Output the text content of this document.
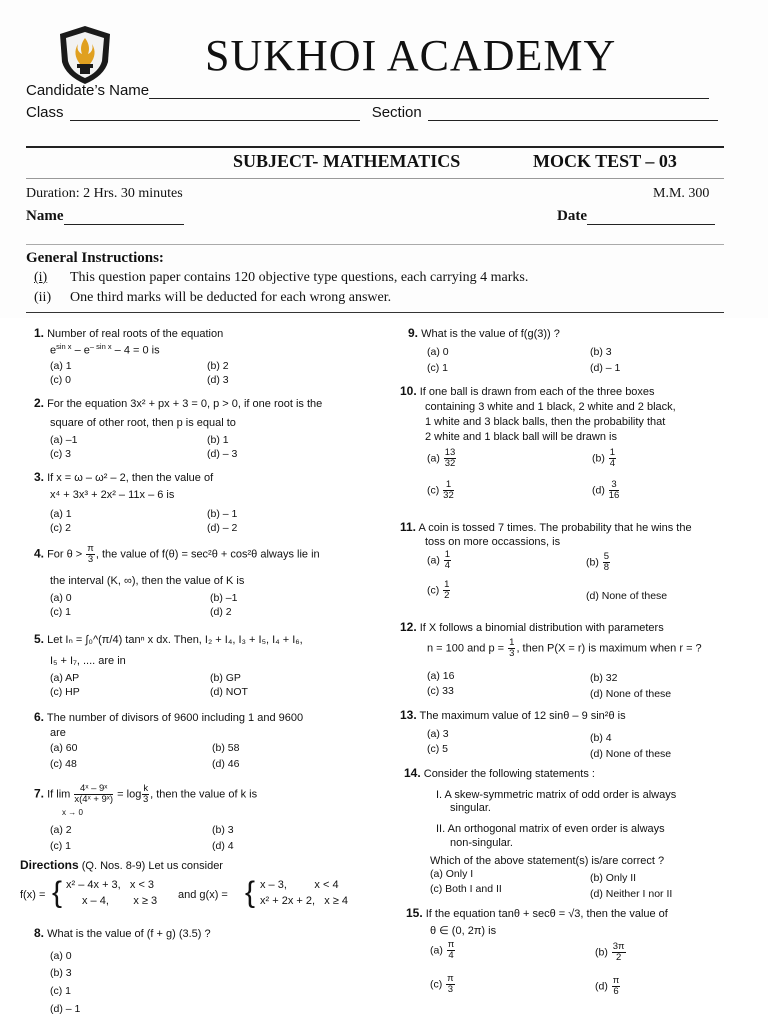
SUKHOI ACADEMY
Candidate’s Name
Class	Section
SUBJECT- MATHEMATICS	MOCK TEST – 03
Duration: 2 Hrs. 30 minutes	M.M. 300
Name	Date
General Instructions:
(i) This question paper contains 120 objective type questions, each carrying 4 marks.
(ii) One third marks will be deducted for each wrong answer.
1. Number of real roots of the equation
$e^{sin x} - e^{- sin x} - 4 = 0$ is
(a) 1	(b) 2
(c) 0	(d) 3
2. For the equation 3x² + px + 3 = 0, p > 0, if one root is the
square of other root, then p is equal to
(a) –1	(b) 1
(c) 3	(d) – 3
3. If x = ω – ω² – 2, then the value of
x⁴ + 3x³ + 2x² – 11x – 6 is
(a) 1	(b) – 1
(c) 2	(d) – 2
4. For $\theta > \frac{\pi}{3}$ , the value of f(θ) = sec²θ + cos²θ always lie in
the interval (K, ∞), then the value of K is
(a) 0	(b) –1
(c) 1	(d) 2
5. Let Iₙ = ∫₀^(π/4) tanⁿ x dx. Then, I₂ + I₄, I₃ + I₅, I₄ + I₆,
I₅ + I₇, .... are in
(a) AP	(b) GP
(c) HP	(d) NOT
6. The number of divisors of 9600 including 1 and 9600
are
(a) 60	(b) 58
(c) 48	(d) 46
7. If $\lim \frac{\text{4ˣ – 9ˣ}}{\text{x(4ˣ + 9ˣ)}} = \log \frac{k}{3}$ , then the value of k is
x → 0
(a) 2	(b) 3
(c) 1	(d) 4
Directions (Q. Nos. 8-9) Let us consider
f(x) = { x² – 4x + 3,   x < 3
x – 4,        x ≥ 3 and g(x) = { x – 3,         x < 4
x² + 2x + 2,   x ≥ 4
8. What is the value of (f + g) (3.5) ?
(a) 0
(b) 3
(c) 1
(d) – 1
9. What is the value of f(g(3)) ?
(a) 0	(b) 3
(c) 1	(d) – 1
10. If one ball is drawn from each of the three boxes
containing 3 white and 1 black, 2 white and 2 black,
1 white and 3 black balls, then the probability that
2 white and 1 black ball will be drawn is
$(a) \frac{13}{32}$	$(b) \frac{1}{4}$
$(c) \frac{1}{32}$	$(d) \frac{3}{16}$
11. A coin is tossed 7 times. The probability that he wins the
toss on more occassions, is
$(a) \frac{1}{4}$	$(b) \frac{5}{8}$
$(c) \frac{1}{2}$	(d) None of these
12. If X follows a binomial distribution with parameters
n = 100 and $p = \frac{1}{3}$ , then P(X = r) is maximum when r = ?
(a) 16	(b) 32
(c) 33	(d) None of these
13. The maximum value of 12 sinθ – 9 sin²θ is
(a) 3	(b) 4
(c) 5	(d) None of these
14. Consider the following statements :
I. A skew-symmetric matrix of odd order is always
singular.
II. An orthogonal matrix of even order is always
non-singular.
Which of the above statement(s) is/are correct ?
(a) Only I	(b) Only II
(c) Both I and II	(d) Neither I nor II
15. If the equation tanθ + secθ = √3, then the value of
θ ∈ (0, 2π) is
$(a) \frac{\pi}{4}$	$(b) \frac{3\pi}{2}$
$(c) \frac{\pi}{3}$	$(d) \frac{\pi}{6}$
